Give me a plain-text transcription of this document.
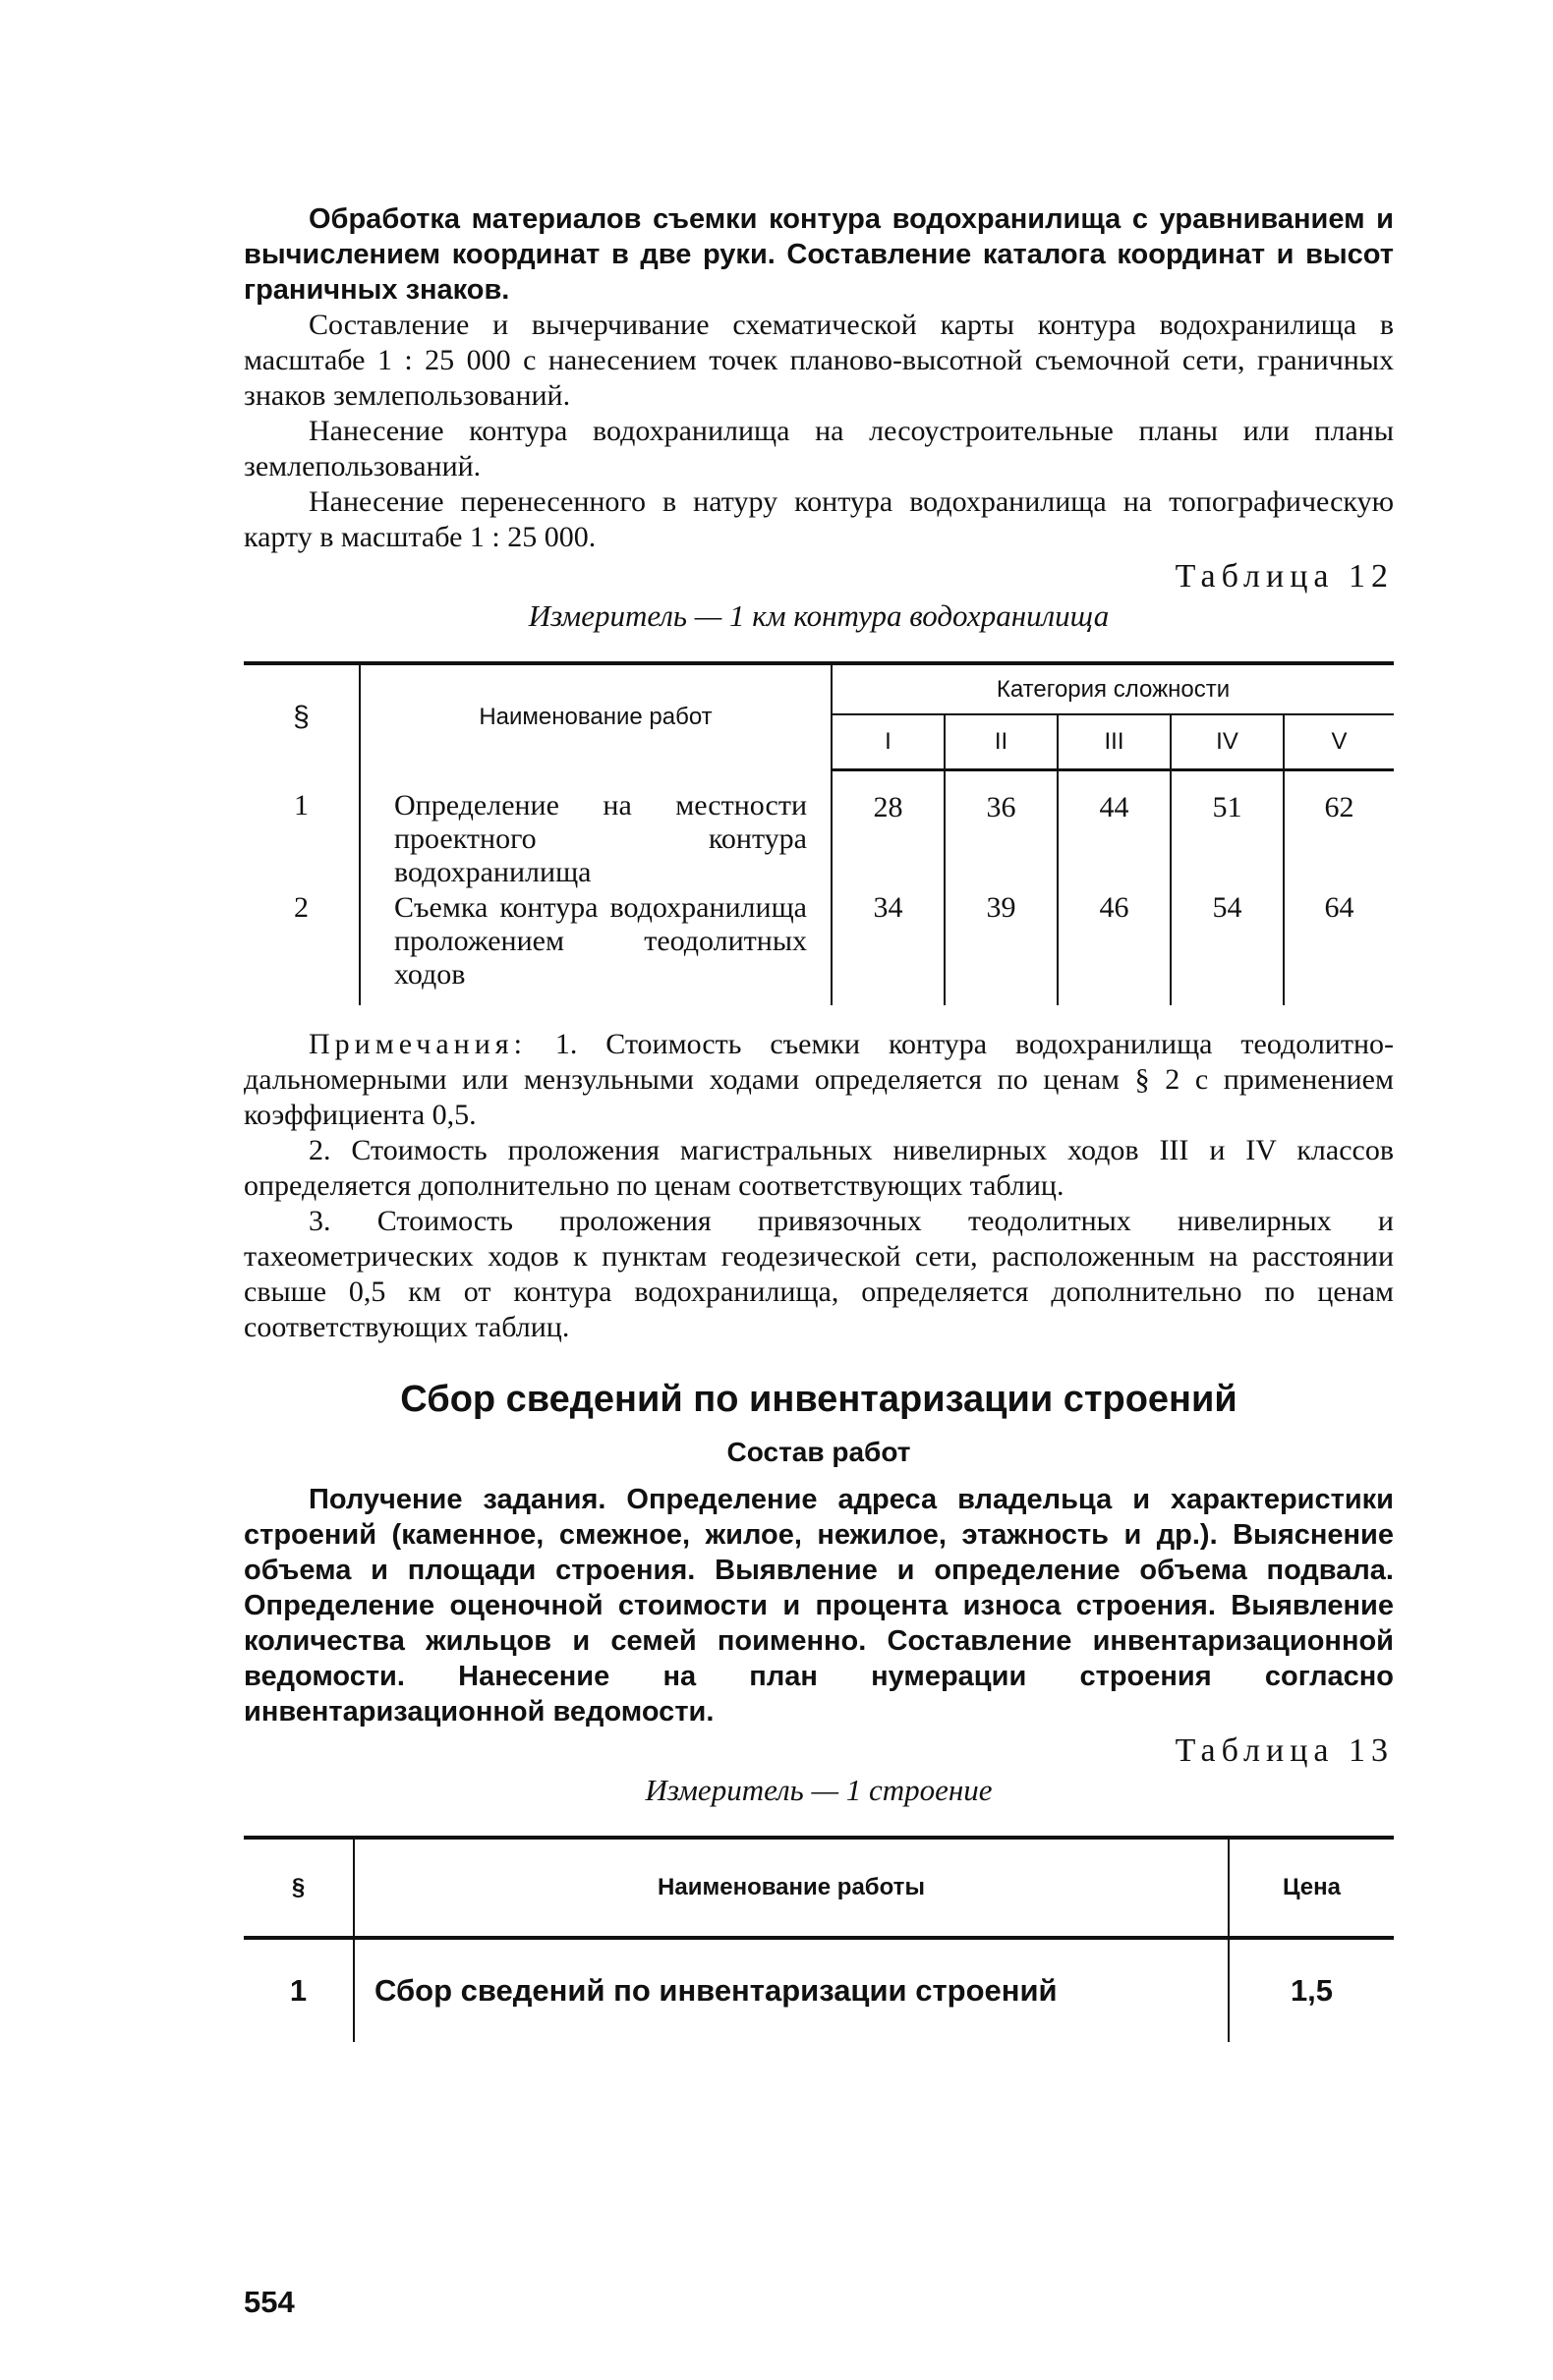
Обработка материалов съемки контура водохранилища с уравниванием и вычислением координат в две руки. Составление каталога координат и высот граничных знаков.

Составление и вычерчивание схематической карты контура водохранилища в масштабе 1 : 25 000 с нанесением точек планово-высотной съемочной сети, граничных знаков землепользований.

Нанесение контура водохранилища на лесоустроительные планы или планы землепользований.

Нанесение перенесенного в натуру контура водохранилища на топографическую карту в масштабе 1 : 25 000.

Таблица 12

Измеритель — 1 км контура водохранилища

§	Наименование работ	Категория сложности				
		I	II	III	IV	V
1	Определение на местности проектного контура водохранилища	28	36	44	51	62
2	Съемка контура водохранилища проложением теодолитных ходов	34	39	46	54	64

Примечания: 1. Стоимость съемки контура водохранилища теодолитно-дальномерными или мензульными ходами определяется по ценам § 2 с применением коэффициента 0,5.

2. Стоимость проложения магистральных нивелирных ходов III и IV классов определяется дополнительно по ценам соответствующих таблиц.

3. Стоимость проложения привязочных теодолитных нивелирных и тахеометрических ходов к пунктам геодезической сети, расположенным на расстоянии свыше 0,5 км от контура водохранилища, определяется дополнительно по ценам соответствующих таблиц.

Сбор сведений по инвентаризации строений
Состав работ

Получение задания. Определение адреса владельца и характеристики строений (каменное, смежное, жилое, нежилое, этажность и др.). Выяснение объема и площади строения. Выявление и определение объема подвала. Определение оценочной стоимости и процента износа строения. Выявление количества жильцов и семей поименно. Составление инвентаризационной ведомости. Нанесение на план нумерации строения согласно инвентаризационной ведомости.

Таблица 13

Измеритель — 1 строение

§	Наименование работы	Цена
1	Сбор сведений по инвентаризации строений	1,5
554
